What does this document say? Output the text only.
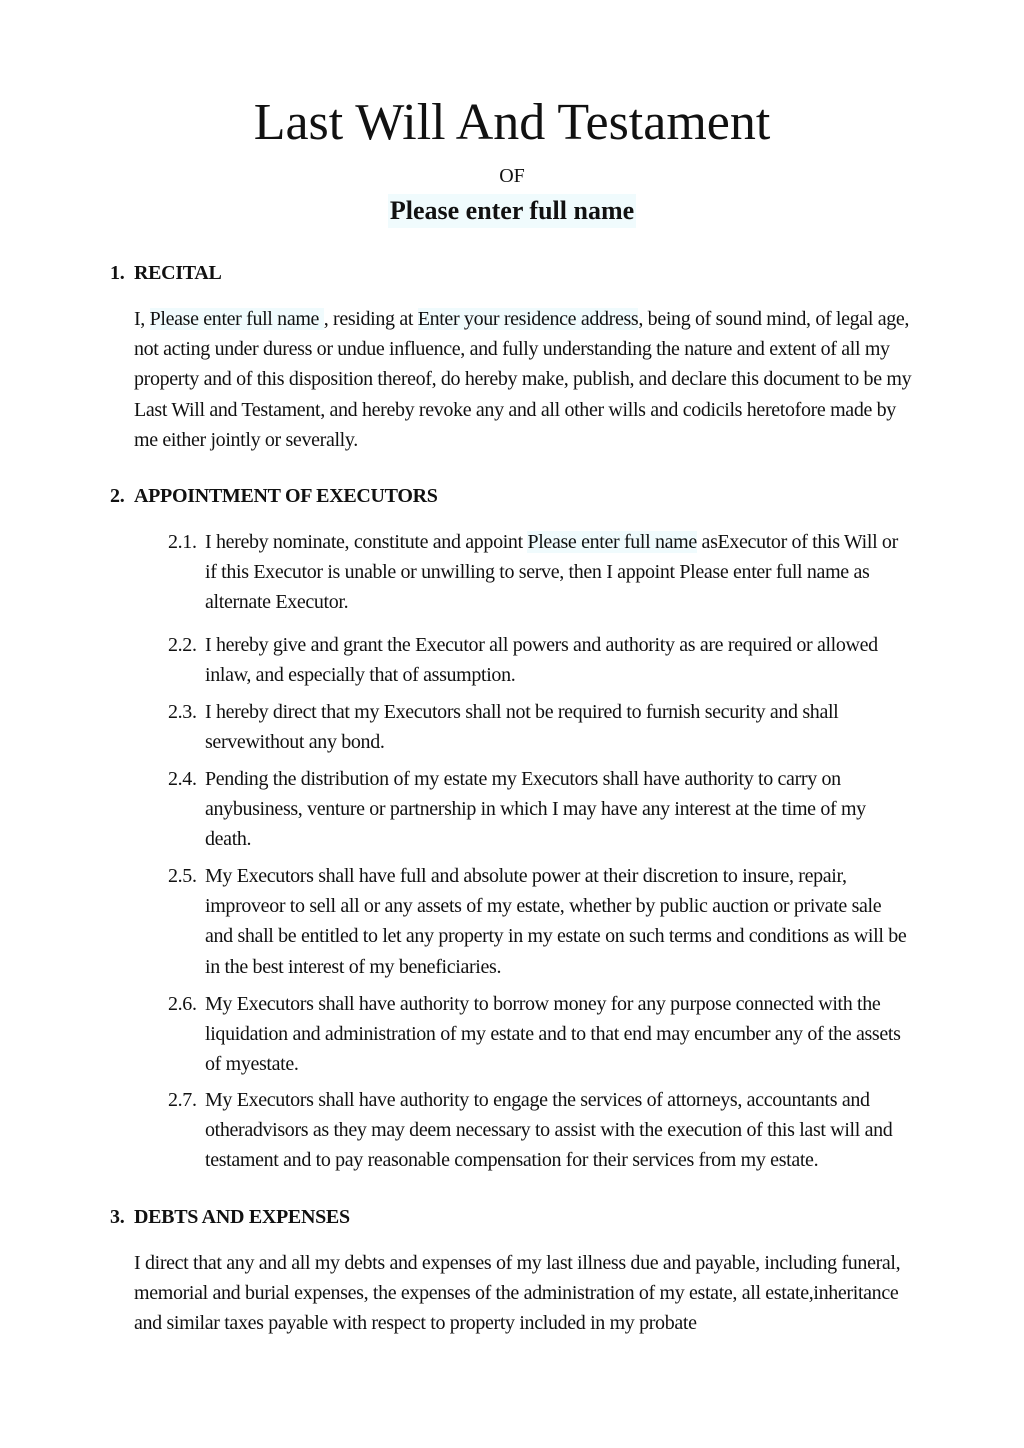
Last Will And Testament
OF
Please enter full name
1. RECITAL
I, Please enter full name , residing at Enter your residence address, being of sound mind, of legal age, not acting under duress or undue influence, and fully understanding the nature and extent of all my property and of this disposition thereof, do hereby make, publish, and declare this document to be my Last Will and Testament, and hereby revoke any and all other wills and codicils heretofore made by me either jointly or severally.
2. APPOINTMENT OF EXECUTORS
2.1. I hereby nominate, constitute and appoint Please enter full name asExecutor of this Will or if this Executor is unable or unwilling to serve, then I appoint Please enter full name as alternate Executor.
2.2. I hereby give and grant the Executor all powers and authority as are required or allowed inlaw, and especially that of assumption.
2.3. I hereby direct that my Executors shall not be required to furnish security and shall servewithout any bond.
2.4. Pending the distribution of my estate my Executors shall have authority to carry on anybusiness, venture or partnership in which I may have any interest at the time of my death.
2.5. My Executors shall have full and absolute power at their discretion to insure, repair, improveor to sell all or any assets of my estate, whether by public auction or private sale and shall be entitled to let any property in my estate on such terms and conditions as will be in the best interest of my beneficiaries.
2.6. My Executors shall have authority to borrow money for any purpose connected with the liquidation and administration of my estate and to that end may encumber any of the assets of myestate.
2.7. My Executors shall have authority to engage the services of attorneys, accountants and otheradvisors as they may deem necessary to assist with the execution of this last will and testament and to pay reasonable compensation for their services from my estate.
3. DEBTS AND EXPENSES
I direct that any and all my debts and expenses of my last illness due and payable, including funeral, memorial and burial expenses, the expenses of the administration of my estate, all estate,inheritance and similar taxes payable with respect to property included in my probate
